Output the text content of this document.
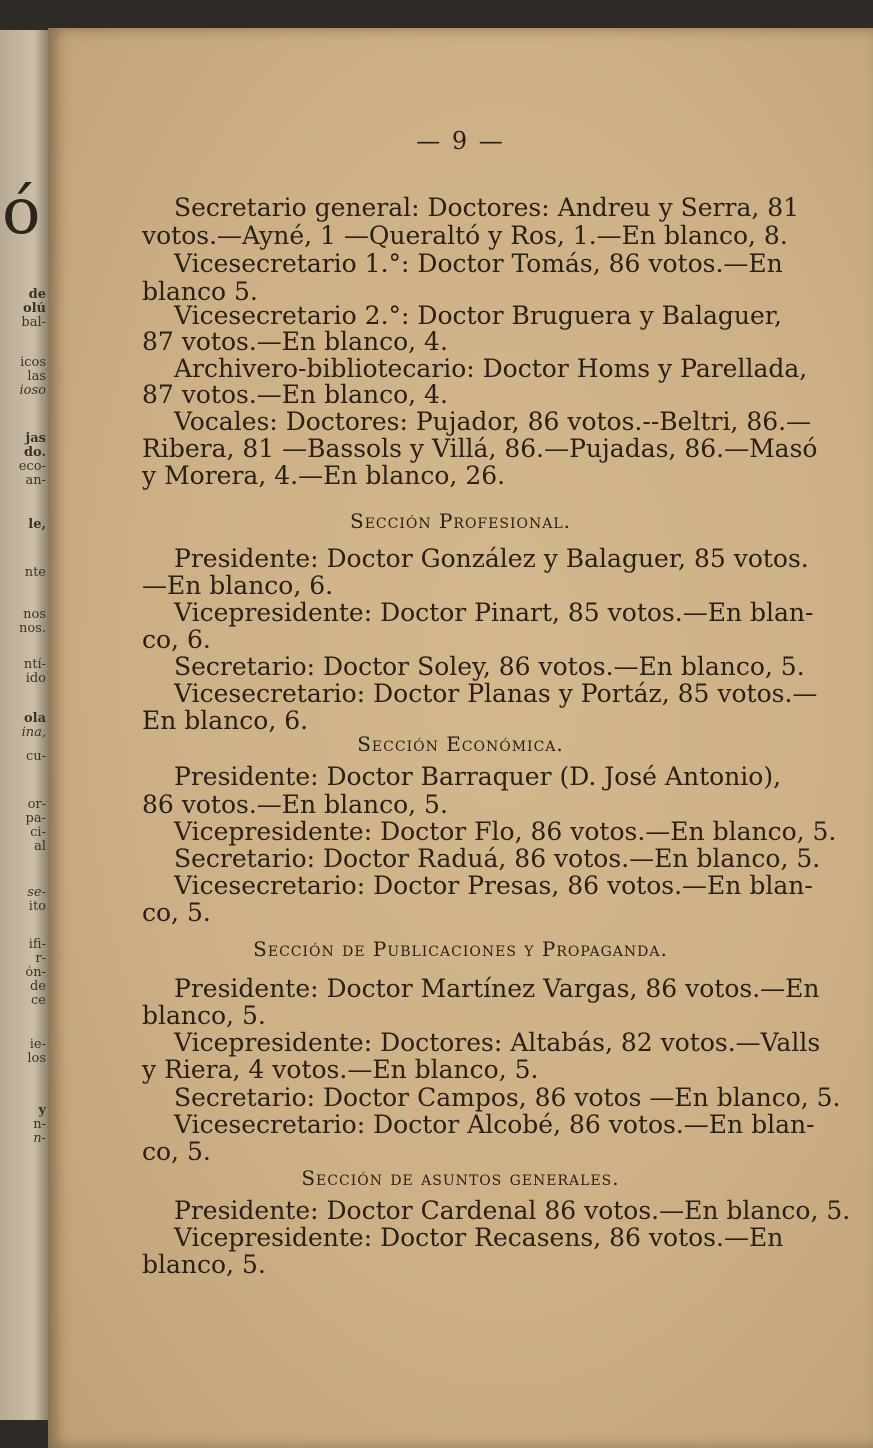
ó
de
olú
bal-
icos
las
ioso
jas
do.
eco-
an-
le,
nte
nos
nos.
ntí-
ido
ola
ina,
cu-
or-
pa-
ci-
al
se-
ito
ifi-
r-
ón-
de
ce
ie-
los
y
n-
n-
— 9 —
Secretario general: Doctores: Andreu y Serra, 81
votos.—Ayné, 1 —Queraltó y Ros, 1.—En blanco, 8.
Vicesecretario 1.°: Doctor Tomás, 86 votos.—En
blanco 5.
Vicesecretario 2.°: Doctor Bruguera y Balaguer,
87 votos.—En blanco, 4.
Archivero-bibliotecario: Doctor Homs y Parellada,
87 votos.—En blanco, 4.
Vocales: Doctores: Pujador, 86 votos.--Beltri, 86.—
Ribera, 81 —Bassols y Villá, 86.—Pujadas, 86.—Masó
y Morera, 4.—En blanco, 26.
Sección Profesional.
Presidente: Doctor González y Balaguer, 85 votos.
—En blanco, 6.
Vicepresidente: Doctor Pinart, 85 votos.—En blan-
co, 6.
Secretario: Doctor Soley, 86 votos.—En blanco, 5.
Vicesecretario: Doctor Planas y Portáz, 85 votos.—
En blanco, 6.
Sección Económica.
Presidente: Doctor Barraquer (D. José Antonio),
86 votos.—En blanco, 5.
Vicepresidente: Doctor Flo, 86 votos.—En blanco, 5.
Secretario: Doctor Raduá, 86 votos.—En blanco, 5.
Vicesecretario: Doctor Presas, 86 votos.—En blan-
co, 5.
Sección de Publicaciones y Propaganda.
Presidente: Doctor Martínez Vargas, 86 votos.—En
blanco, 5.
Vicepresidente: Doctores: Altabás, 82 votos.—Valls
y Riera, 4 votos.—En blanco, 5.
Secretario: Doctor Campos, 86 votos —En blanco, 5.
Vicesecretario: Doctor Alcobé, 86 votos.—En blan-
co, 5.
Sección de asuntos generales.
Presidente: Doctor Cardenal 86 votos.—En blanco, 5.
Vicepresidente: Doctor Recasens, 86 votos.—En
blanco, 5.
